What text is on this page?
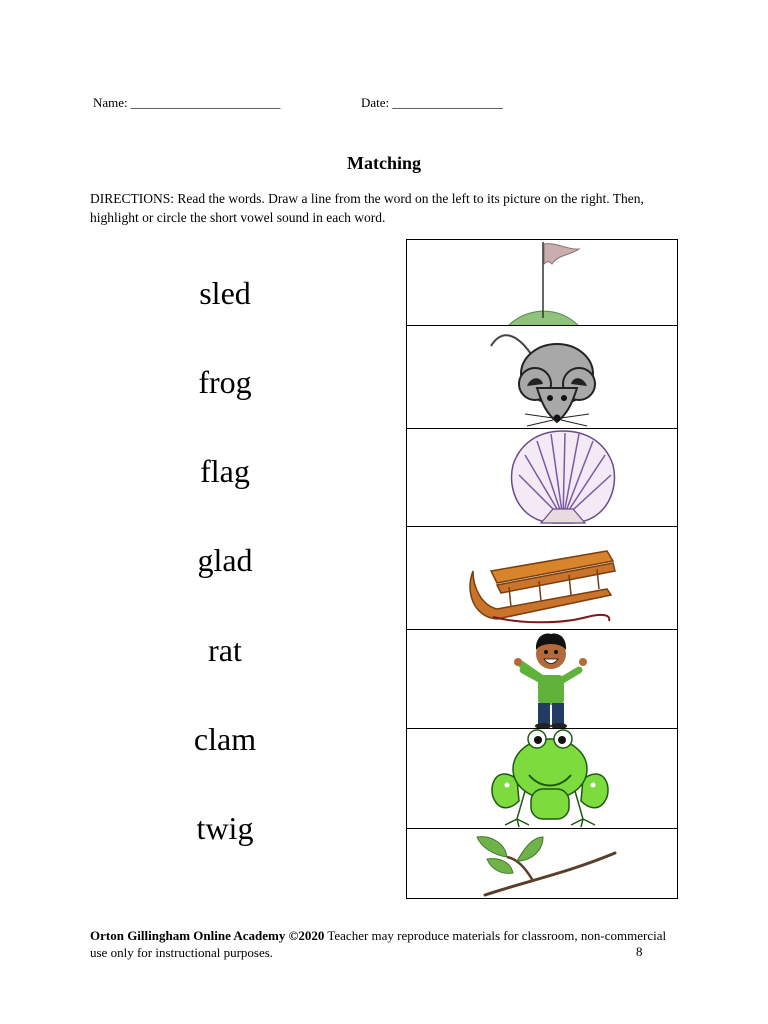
Name: _______________________	Date: _________________
Matching
DIRECTIONS: Read the words. Draw a line from the word on the left to its picture on the right. Then, highlight or circle the short vowel sound in each word.
sled
frog
flag
glad
rat
clam
twig
Orton Gillingham Online Academy ©2020 Teacher may reproduce materials for classroom, non-commercial use only for instructional purposes.	8
